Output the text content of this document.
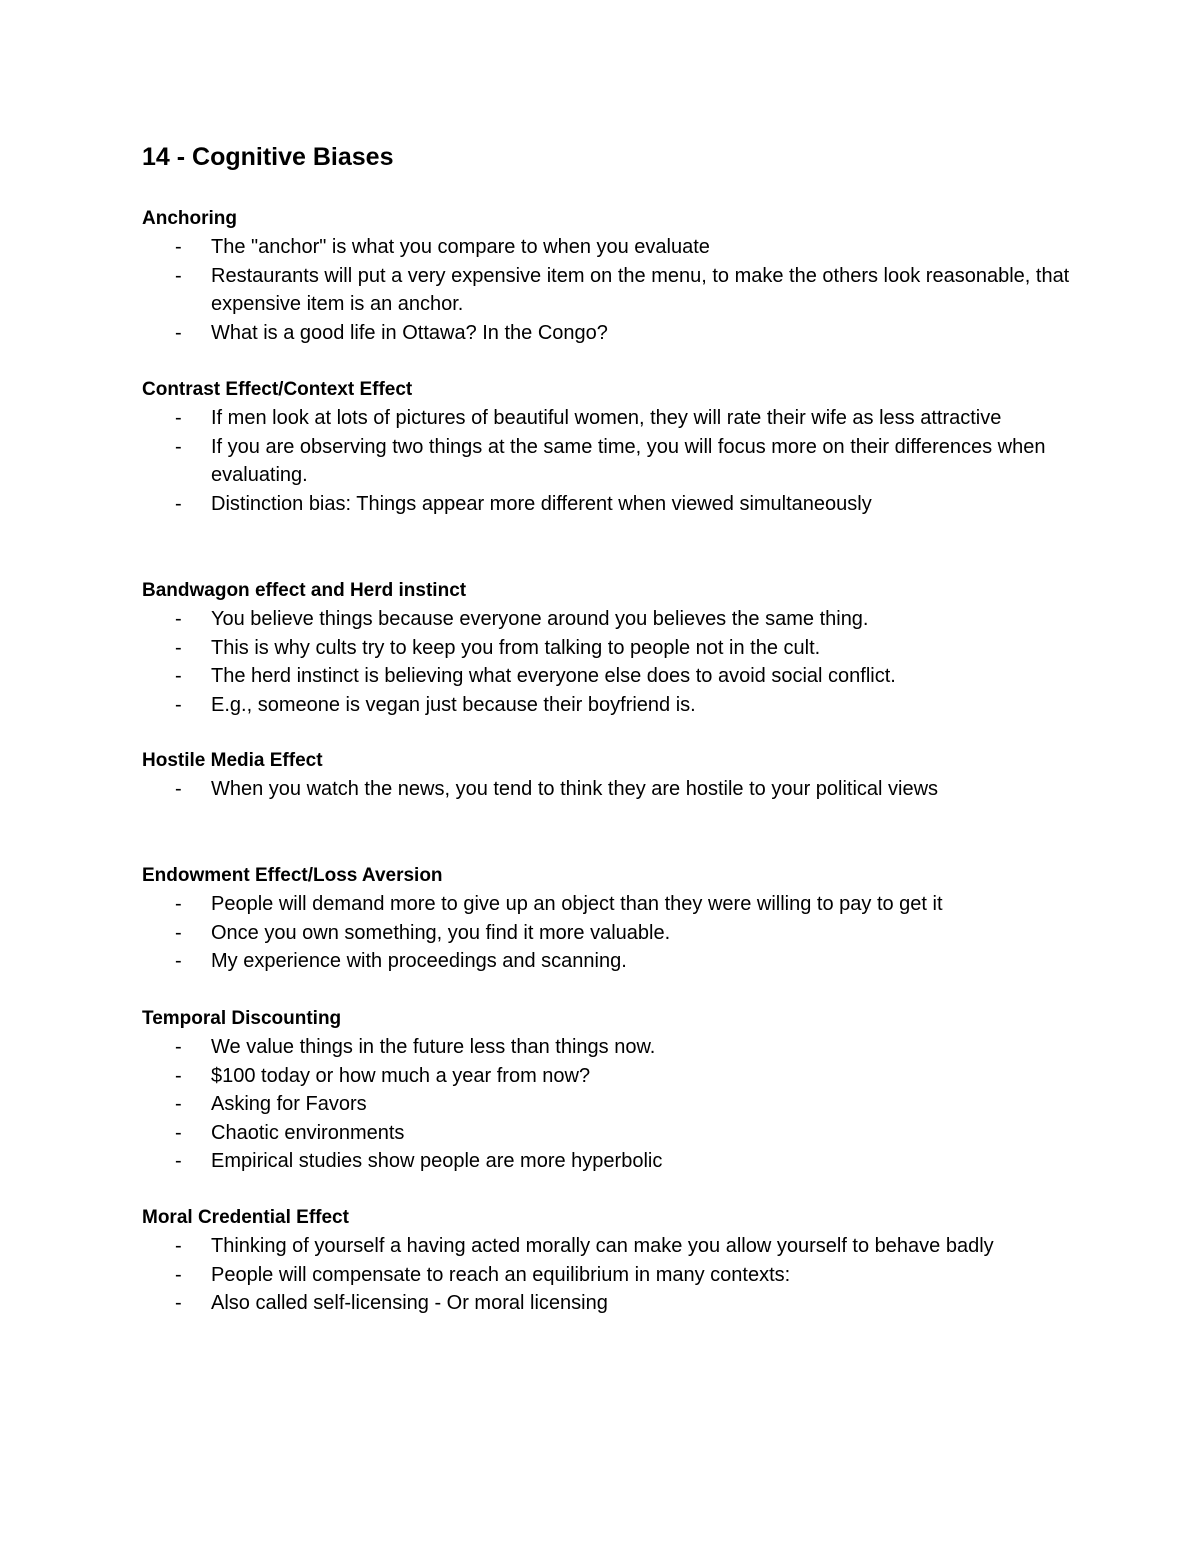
14 - Cognitive Biases
Anchoring
- The "anchor" is what you compare to when you evaluate
- Restaurants will put a very expensive item on the menu, to make the others look reasonable, that expensive item is an anchor.
- What is a good life in Ottawa? In the Congo?
Contrast Effect/Context Effect
- If men look at lots of pictures of beautiful women, they will rate their wife as less attractive
- If you are observing two things at the same time, you will focus more on their differences when evaluating.
- Distinction bias: Things appear more different when viewed simultaneously
Bandwagon effect and Herd instinct
- You believe things because everyone around you believes the same thing.
- This is why cults try to keep you from talking to people not in the cult.
- The herd instinct is believing what everyone else does to avoid social conflict.
- E.g., someone is vegan just because their boyfriend is.
Hostile Media Effect
- When you watch the news, you tend to think they are hostile to your political views
Endowment Effect/Loss Aversion
- People will demand more to give up an object than they were willing to pay to get it
- Once you own something, you find it more valuable.
- My experience with proceedings and scanning.
Temporal Discounting
- We value things in the future less than things now.
- $100 today or how much a year from now?
- Asking for Favors
- Chaotic environments
- Empirical studies show people are more hyperbolic
Moral Credential Effect
- Thinking of yourself a having acted morally can make you allow yourself to behave badly
- People will compensate to reach an equilibrium in many contexts:
- Also called self-licensing - Or moral licensing
